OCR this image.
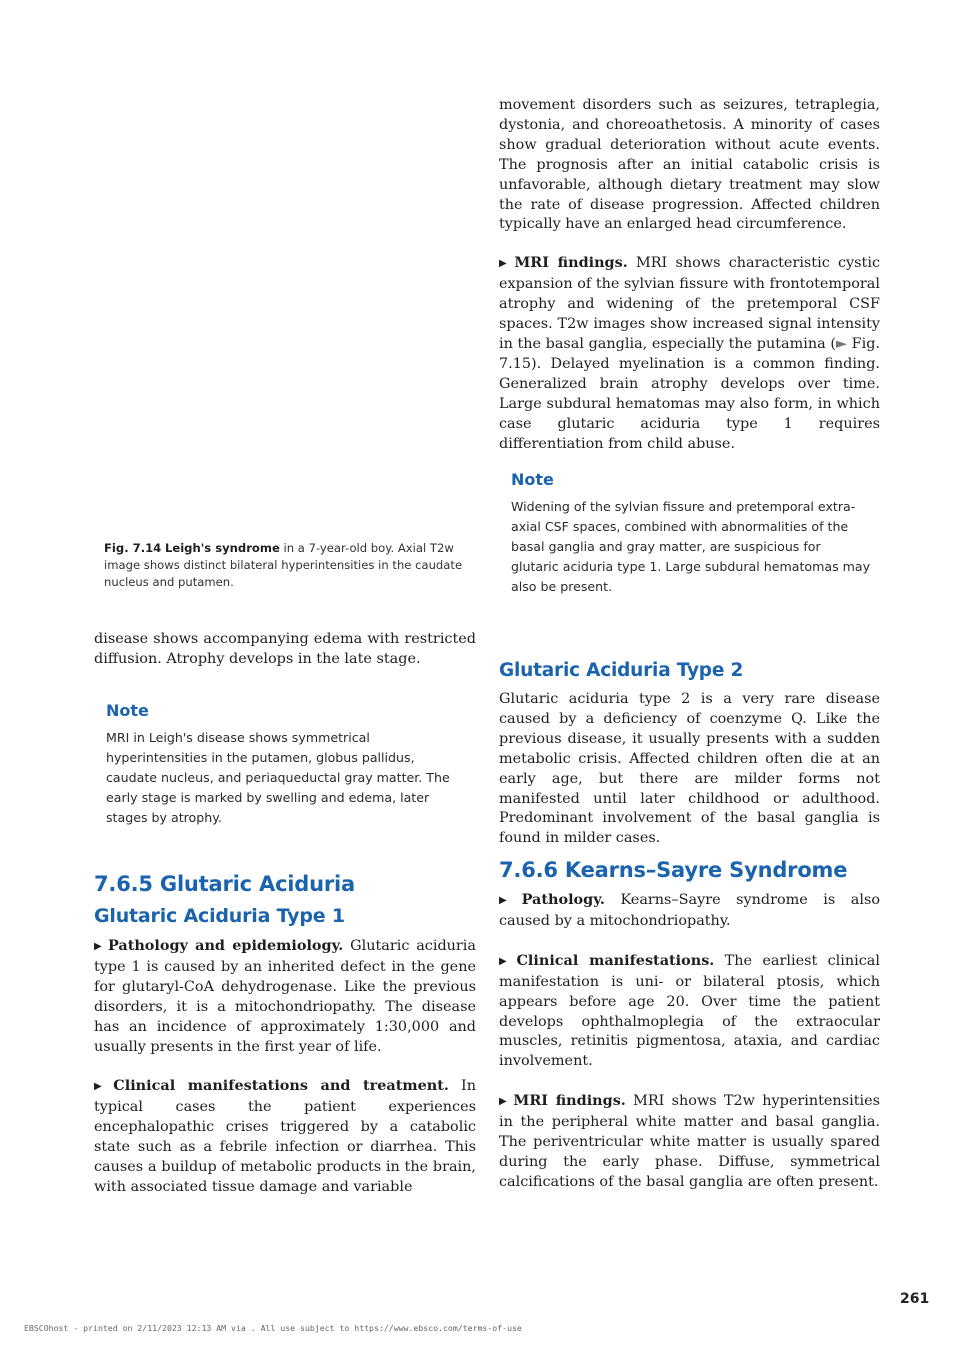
movement disorders such as seizures, tetraplegia, dystonia, and choreoathetosis. A minority of cases show gradual deterioration without acute events. The prognosis after an initial catabolic crisis is unfavorable, although dietary treatment may slow the rate of disease progression. Affected children typically have an enlarged head circumference.

▶ MRI findings. MRI shows characteristic cystic expansion of the sylvian fissure with frontotemporal atrophy and widening of the pretemporal CSF spaces. T2w images show increased signal intensity in the basal ganglia, especially the putamina (► Fig. 7.15). Delayed myelination is a common finding. Generalized brain atrophy develops over time. Large subdural hematomas may also form, in which case glutaric aciduria type 1 requires differentiation from child abuse.

Note
Widening of the sylvian fissure and pretemporal extra-axial CSF spaces, combined with abnormalities of the basal ganglia and gray matter, are suspicious for glutaric aciduria type 1. Large subdural hematomas may also be present.
Fig. 7.14 Leigh's syndrome in a 7-year-old boy. Axial T2w image shows distinct bilateral hyperintensities in the caudate nucleus and putamen.

disease shows accompanying edema with restricted diffusion. Atrophy develops in the late stage.

Note
MRI in Leigh's disease shows symmetrical hyperintensities in the putamen, globus pallidus, caudate nucleus, and periaqueductal gray matter. The early stage is marked by swelling and edema, later stages by atrophy.
7.6.5 Glutaric Aciduria
Glutaric Aciduria Type 1

▶ Pathology and epidemiology. Glutaric aciduria type 1 is caused by an inherited defect in the gene for glutaryl-CoA dehydrogenase. Like the previous disorders, it is a mitochondriopathy. The disease has an incidence of approximately 1:30,000 and usually presents in the first year of life.

▶ Clinical manifestations and treatment. In typical cases the patient experiences encephalopathic crises triggered by a catabolic state such as a febrile infection or diarrhea. This causes a buildup of metabolic products in the brain, with associated tissue damage and variable

Glutaric Aciduria Type 2

Glutaric aciduria type 2 is a very rare disease caused by a deficiency of coenzyme Q. Like the previous disease, it usually presents with a sudden metabolic crisis. Affected children often die at an early age, but there are milder forms not manifested until later childhood or adulthood. Predominant involvement of the basal ganglia is found in milder cases.

7.6.6 Kearns–Sayre Syndrome

▶ Pathology. Kearns–Sayre syndrome is also caused by a mitochondriopathy.

▶ Clinical manifestations. The earliest clinical manifestation is uni- or bilateral ptosis, which appears before age 20. Over time the patient develops ophthalmoplegia of the extraocular muscles, retinitis pigmentosa, ataxia, and cardiac involvement.

▶ MRI findings. MRI shows T2w hyperintensities in the peripheral white matter and basal ganglia. The periventricular white matter is usually spared during the early phase. Diffuse, symmetrical calcifications of the basal ganglia are often present.

261
EBSCOhost - printed on 2/11/2023 12:13 AM via . All use subject to https://www.ebsco.com/terms-of-use
